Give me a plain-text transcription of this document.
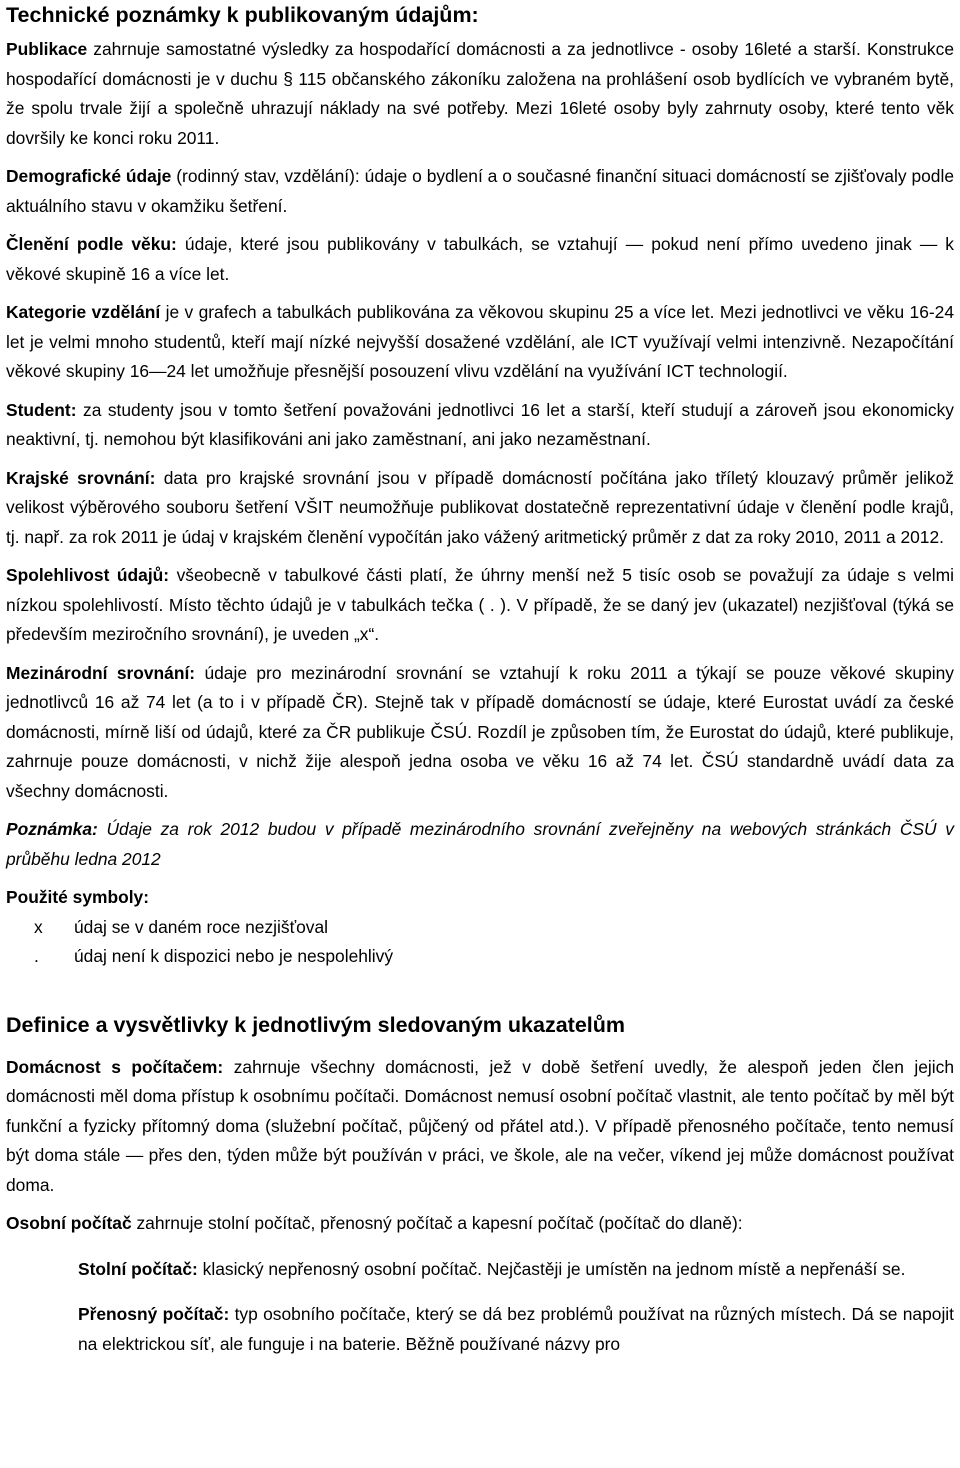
Technické poznámky k publikovaným údajům:

Publikace zahrnuje samostatné výsledky za hospodařící domácnosti a za jednotlivce - osoby 16leté a starší. Konstrukce hospodařící domácnosti je v duchu § 115 občanského zákoníku založena na prohlášení osob bydlících ve vybraném bytě, že spolu trvale žijí a společně uhrazují náklady na své potřeby. Mezi 16leté osoby byly zahrnuty osoby, které tento věk dovršily ke konci roku 2011.

Demografické údaje (rodinný stav, vzdělání): údaje o bydlení a o současné finanční situaci domácností se zjišťovaly podle aktuálního stavu v okamžiku šetření.

Členění podle věku: údaje, které jsou publikovány v tabulkách, se vztahují — pokud není přímo uvedeno jinak — k věkové skupině 16 a více let.

Kategorie vzdělání je v grafech a tabulkách publikována za věkovou skupinu 25 a více let. Mezi jednotlivci ve věku 16-24 let je velmi mnoho studentů, kteří mají nízké nejvyšší dosažené vzdělání, ale ICT využívají velmi intenzivně. Nezapočítání věkové skupiny 16—24 let umožňuje přesnější posouzení vlivu vzdělání na využívání ICT technologií.

Student: za studenty jsou v tomto šetření považováni jednotlivci 16 let a starší, kteří studují a zároveň jsou ekonomicky neaktivní, tj. nemohou být klasifikováni ani jako zaměstnaní, ani jako nezaměstnaní.

Krajské srovnání: data pro krajské srovnání jsou v případě domácností počítána jako tříletý klouzavý průměr jelikož velikost výběrového souboru šetření VŠIT neumožňuje publikovat dostatečně reprezentativní údaje v členění podle krajů, tj. např. za rok 2011 je údaj v krajském členění vypočítán jako vážený aritmetický průměr z dat za roky 2010, 2011 a 2012.

Spolehlivost údajů: všeobecně v tabulkové části platí, že úhrny menší než 5 tisíc osob se považují za údaje s velmi nízkou spolehlivostí. Místo těchto údajů je v tabulkách tečka ( . ). V případě, že se daný jev (ukazatel) nezjišťoval (týká se především meziročního srovnání), je uveden „x“.

Mezinárodní srovnání: údaje pro mezinárodní srovnání se vztahují k roku 2011 a týkají se pouze věkové skupiny jednotlivců 16 až 74 let (a to i v případě ČR). Stejně tak v případě domácností se údaje, které Eurostat uvádí za české domácnosti, mírně liší od údajů, které za ČR publikuje ČSÚ. Rozdíl je způsoben tím, že Eurostat do údajů, které publikuje, zahrnuje pouze domácnosti, v nichž žije alespoň jedna osoba ve věku 16 až 74 let. ČSÚ standardně uvádí data za všechny domácnosti.

Poznámka: Údaje za rok 2012 budou v případě mezinárodního srovnání zveřejněny na webových stránkách ČSÚ v průběhu ledna 2012

Použité symboly:

x údaj se v daném roce nezjišťoval
. údaj není k dispozici nebo je nespolehlivý
Definice a vysvětlivky k jednotlivým sledovaným ukazatelům

Domácnost s počítačem: zahrnuje všechny domácnosti, jež v době šetření uvedly, že alespoň jeden člen jejich domácnosti měl doma přístup k osobnímu počítači. Domácnost nemusí osobní počítač vlastnit, ale tento počítač by měl být funkční a fyzicky přítomný doma (služební počítač, půjčený od přátel atd.). V případě přenosného počítače, tento nemusí být doma stále — přes den, týden může být používán v práci, ve škole, ale na večer, víkend jej může domácnost používat doma.

Osobní počítač zahrnuje stolní počítač, přenosný počítač a kapesní počítač (počítač do dlaně):

Stolní počítač: klasický nepřenosný osobní počítač. Nejčastěji je umístěn na jednom místě a nepřenáší se.

Přenosný počítač: typ osobního počítače, který se dá bez problémů používat na různých místech. Dá se napojit na elektrickou síť, ale funguje i na baterie. Běžně používané názvy pro
